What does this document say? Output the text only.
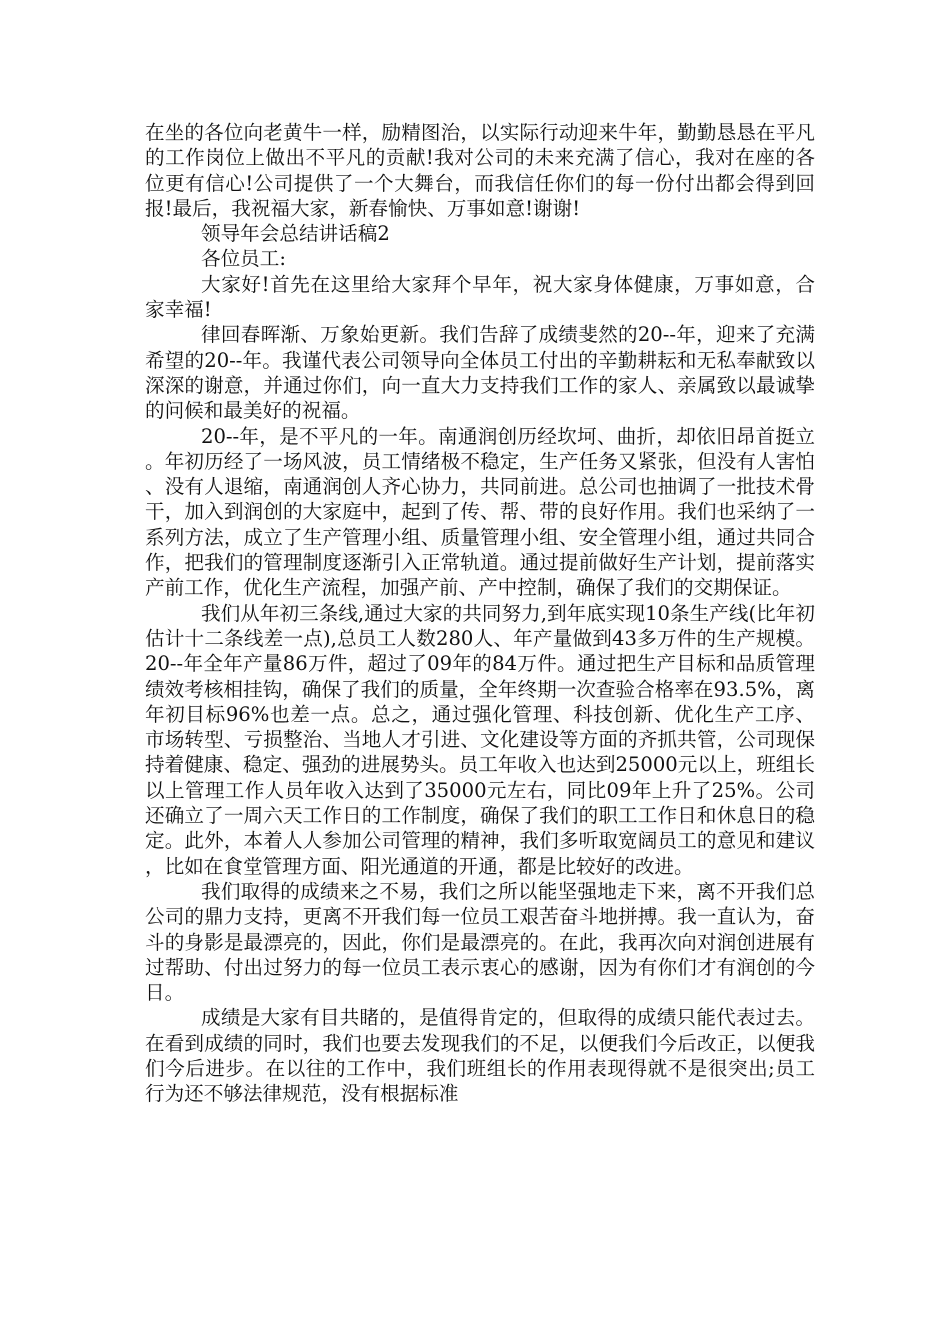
在坐的各位向老黄牛一样，励精图治，以实际行动迎来牛年，勤勤恳恳在平凡的工作岗位上做出不平凡的贡献!我对公司的未来充满了信心，我对在座的各位更有信心!公司提供了一个大舞台，而我信任你们的每一份付出都会得到回报!最后，我祝福大家，新春愉快、万事如意!谢谢!

领导年会总结讲话稿2

各位员工:

大家好!首先在这里给大家拜个早年，祝大家身体健康，万事如意，合家幸福!

律回春晖渐、万象始更新。我们告辞了成绩斐然的20--年，迎来了充满希望的20--年。我谨代表公司领导向全体员工付出的辛勤耕耘和无私奉献致以深深的谢意，并通过你们，向一直大力支持我们工作的家人、亲属致以最诚挚的问候和最美好的祝福。

20--年，是不平凡的一年。南通润创历经坎坷、曲折，却依旧昂首挺立。年初历经了一场风波，员工情绪极不稳定，生产任务又紧张，但没有人害怕、没有人退缩，南通润创人齐心协力，共同前进。总公司也抽调了一批技术骨干，加入到润创的大家庭中，起到了传、帮、带的良好作用。我们也采纳了一系列方法，成立了生产管理小组、质量管理小组、安全管理小组，通过共同合作，把我们的管理制度逐渐引入正常轨道。通过提前做好生产计划，提前落实产前工作，优化生产流程，加强产前、产中控制，确保了我们的交期保证。

我们从年初三条线,通过大家的共同努力,到年底实现10条生产线(比年初估计十二条线差一点),总员工人数280人、年产量做到43多万件的生产规模。20--年全年产量86万件，超过了09年的84万件。通过把生产目标和品质管理绩效考核相挂钩，确保了我们的质量，全年终期一次查验合格率在93.5%，离年初目标96%也差一点。总之，通过强化管理、科技创新、优化生产工序、市场转型、亏损整治、当地人才引进、文化建设等方面的齐抓共管，公司现保持着健康、稳定、强劲的进展势头。员工年收入也达到25000元以上，班组长以上管理工作人员年收入达到了35000元左右，同比09年上升了25%。公司还确立了一周六天工作日的工作制度，确保了我们的职工工作日和休息日的稳定。此外，本着人人参加公司管理的精神，我们多听取宽阔员工的意见和建议，比如在食堂管理方面、阳光通道的开通，都是比较好的改进。

我们取得的成绩来之不易，我们之所以能坚强地走下来，离不开我们总公司的鼎力支持，更离不开我们每一位员工艰苦奋斗地拼搏。我一直认为，奋斗的身影是最漂亮的，因此，你们是最漂亮的。在此，我再次向对润创进展有过帮助、付出过努力的每一位员工表示衷心的感谢，因为有你们才有润创的今日。

成绩是大家有目共睹的，是值得肯定的，但取得的成绩只能代表过去。在看到成绩的同时，我们也要去发现我们的不足，以便我们今后改正，以便我们今后进步。在以往的工作中，我们班组长的作用表现得就不是很突出;员工行为还不够法律规范，没有根据标准
